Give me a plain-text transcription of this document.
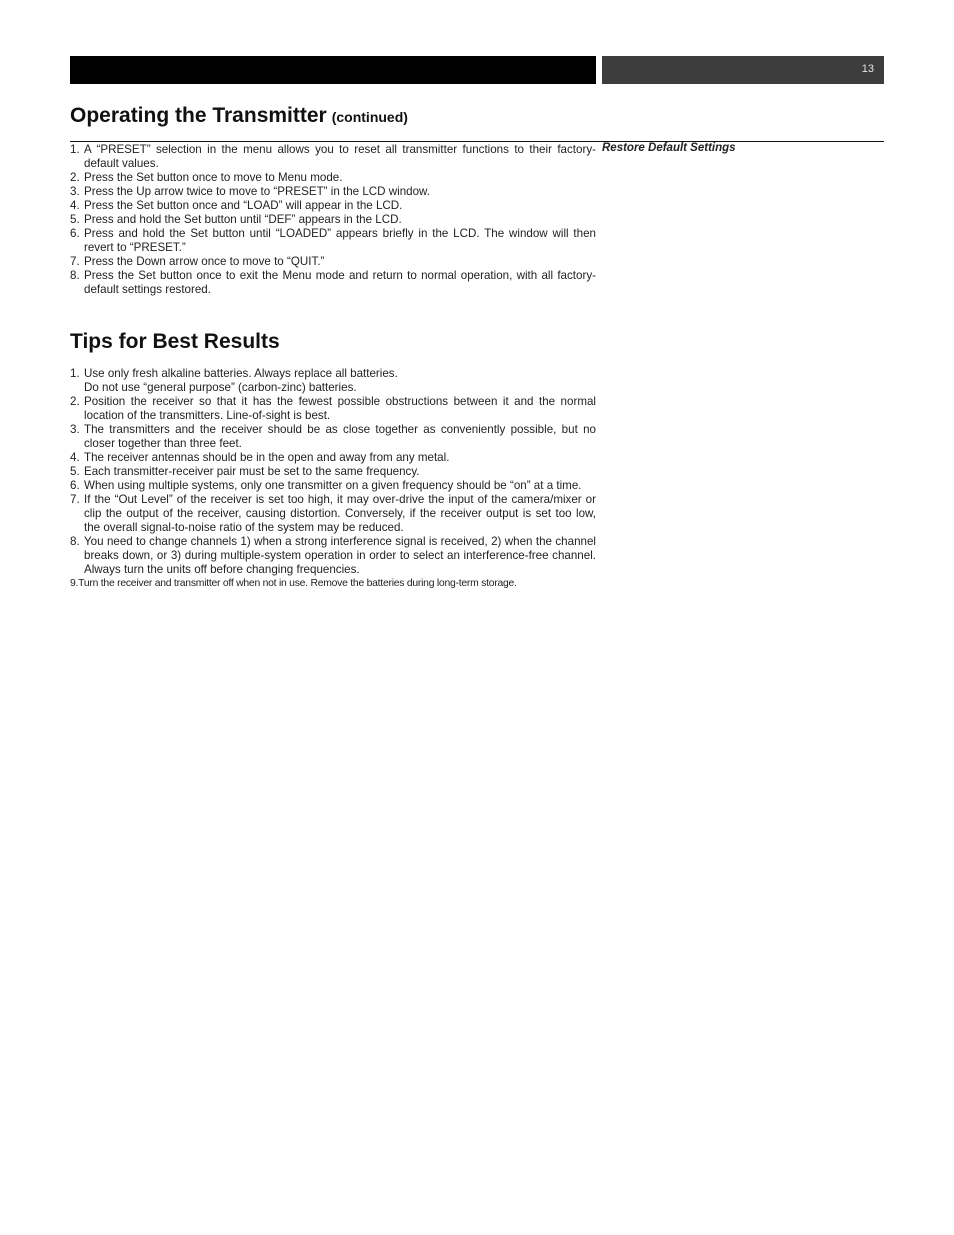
13
Operating the Transmitter (continued)
Restore Default Settings
1. A “PRESET” selection in the menu allows you to reset all transmitter functions to their factory-default values.
2. Press the Set button once to move to Menu mode.
3. Press the Up arrow twice to move to “PRESET” in the LCD window.
4. Press the Set button once and “LOAD” will appear in the LCD.
5. Press and hold the Set button until “DEF” appears in the LCD.
6. Press and hold the Set button until “LOADED” appears briefly in the LCD. The window will then revert to “PRESET.”
7. Press the Down arrow once to move to “QUIT.”
8. Press the Set button once to exit the Menu mode and return to normal operation, with all factory-default settings restored.
Tips for Best Results
1. Use only fresh alkaline batteries. Always replace all batteries.
Do not use “general purpose” (carbon-zinc) batteries.
2. Position the receiver so that it has the fewest possible obstructions between it and the normal location of the transmitters. Line-of-sight is best.
3. The transmitters and the receiver should be as close together as conveniently possible, but no closer together than three feet.
4. The receiver antennas should be in the open and away from any metal.
5. Each transmitter-receiver pair must be set to the same frequency.
6. When using multiple systems, only one transmitter on a given frequency should be “on” at a time.
7. If the “Out Level” of the receiver is set too high, it may over-drive the input of the camera/mixer or clip the output of the receiver, causing distortion. Conversely, if the receiver output is set too low, the overall signal-to-noise ratio of the system may be reduced.
8. You need to change channels 1) when a strong interference signal is received, 2) when the channel breaks down, or 3) during multiple-system operation in order to select an interference-free channel. Always turn the units off before changing frequencies.
9.Turn the receiver and transmitter off when not in use. Remove the batteries during long-term storage.
